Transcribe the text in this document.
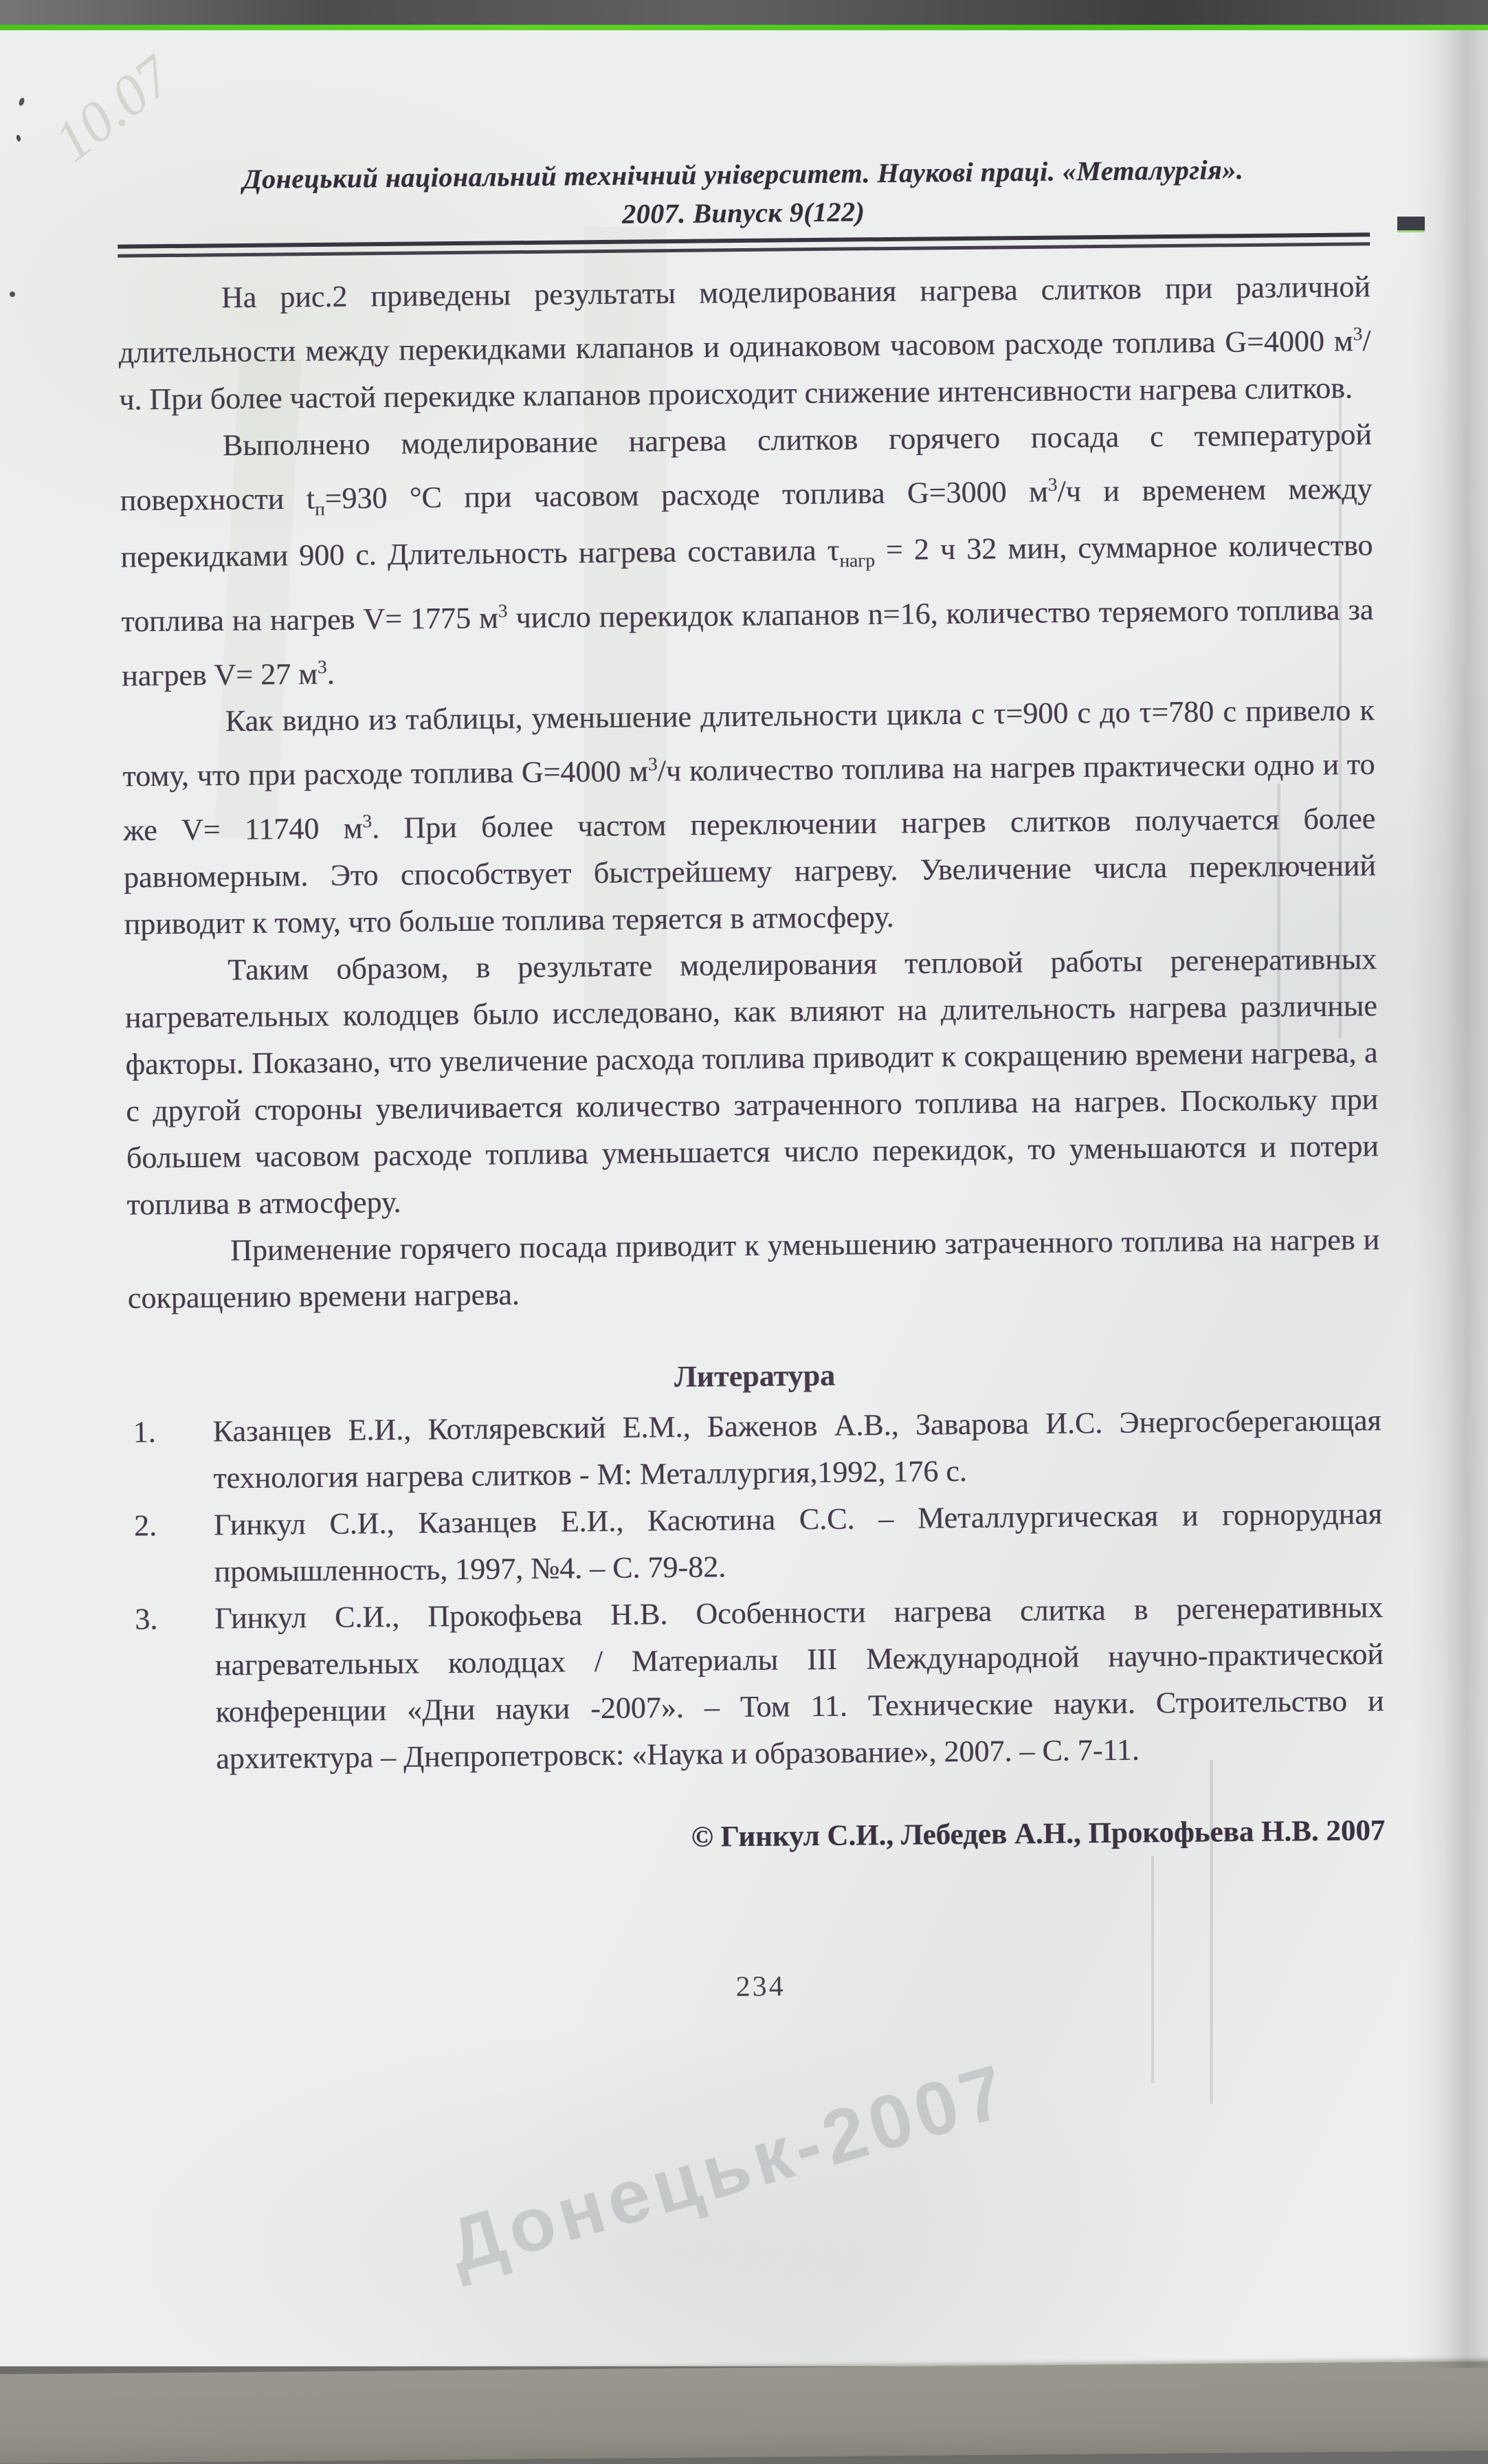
10.07
Донецьк-2007
Донецький національний технічний університет. Наукові праці. «Металургія».
2007. Випуск 9(122)

На рис.2 приведены результаты моделирования нагрева слитков при различной длительности между перекидками клапанов и одинаковом часовом расходе топлива G=4000 $м^3/ч$. При более частой перекидке клапанов происходит снижение интенсивности нагрева слитков.

Выполнено моделирование нагрева слитков горячего посада с температурой поверхности $t_п=930$ °С при часовом расходе топлива G=3000 $м^3/ч$ и временем между перекидками 900 с. Длительность нагрева составила $\tau_{нагр} = 2$ ч 32 мин, суммарное количество топлива на нагрев V= 1775 $м^3$ число перекидок клапанов n=16, количество теряемого топлива за нагрев V= 27 $м^3$.

Как видно из таблицы, уменьшение длительности цикла с τ=900 с до τ=780 с привело к тому, что при расходе топлива G=4000 $м^3/ч$ количество топлива на нагрев практически одно и то же V= 11740 $м^3$. При более частом переключении нагрев слитков получается более равномерным. Это способствует быстрейшему нагреву. Увеличение числа переключений приводит к тому, что больше топлива теряется в атмосферу.

Таким образом, в результате моделирования тепловой работы регенеративных нагревательных колодцев было исследовано, как влияют на длительность нагрева различные факторы. Показано, что увеличение расхода топлива приводит к сокращению времени нагрева, а с другой стороны увеличивается количество затраченного топлива на нагрев. Поскольку при большем часовом расходе топлива уменьшается число перекидок, то уменьшаются и потери топлива в атмосферу.

Применение горячего посада приводит к уменьшению затраченного топлива на нагрев и сокращению времени нагрева.

Литература
1. Казанцев Е.И., Котляревский Е.М., Баженов А.В., Заварова И.С. Энергосберегающая технология нагрева слитков - М: Металлургия,1992, 176 с.
2. Гинкул С.И., Казанцев Е.И., Касютина С.С. – Металлургическая и горнорудная промышленность, 1997, №4. – С. 79-82.
3. Гинкул С.И., Прокофьева Н.В. Особенности нагрева слитка в регенеративных нагревательных колодцах / Материалы III Международной научно-практической конференции «Дни науки -2007». – Том 11. Технические науки. Строительство и архитектура – Днепропетровск: «Наука и образование», 2007. – С. 7-11.
© Гинкул С.И., Лебедев А.Н., Прокофьева Н.В. 2007
234
